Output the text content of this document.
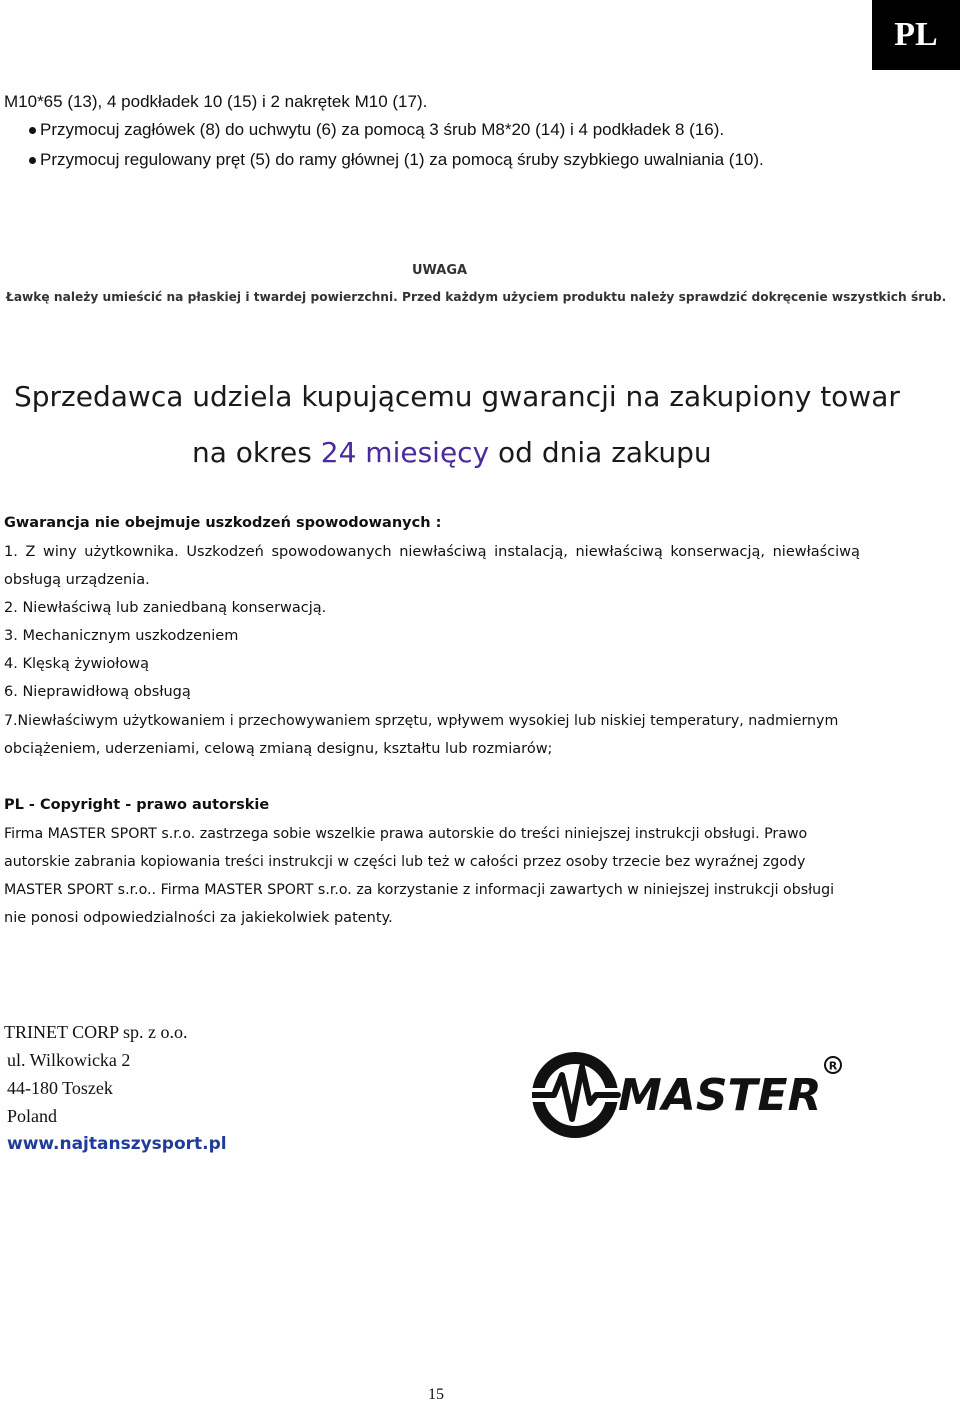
PL
M10*65 (13), 4 podkładek 10 (15) i 2 nakrętek M10 (17).
Przymocuj zagłówek (8) do uchwytu (6) za pomocą 3 śrub M8*20 (14) i 4 podkładek 8 (16).
Przymocuj regulowany pręt (5) do ramy głównej (1) za pomocą śruby szybkiego uwalniania (10).
UWAGA
Ławkę należy umieścić na płaskiej i twardej powierzchni. Przed każdym użyciem produktu należy sprawdzić dokręcenie wszystkich śrub.
Sprzedawca udziela kupującemu gwarancji na zakupiony towar
na okres 24 miesięcy od dnia zakupu
Gwarancja nie obejmuje uszkodzeń spowodowanych :
1. Z winy użytkownika. Uszkodzeń spowodowanych niewłaściwą instalacją, niewłaściwą konserwacją, niewłaściwą
obsługą urządzenia.
2. Niewłaściwą lub zaniedbaną konserwacją.
3. Mechanicznym uszkodzeniem
4. Klęską żywiołową
6. Nieprawidłową obsługą
7.Niewłaściwym użytkowaniem i przechowywaniem sprzętu, wpływem wysokiej lub niskiej temperatury, nadmiernym
obciążeniem, uderzeniami, celową zmianą designu, kształtu lub rozmiarów;
PL - Copyright - prawo autorskie
Firma MASTER SPORT s.r.o. zastrzega sobie wszelkie prawa autorskie do treści niniejszej instrukcji obsługi. Prawo
autorskie zabrania kopiowania treści instrukcji w części lub też w całości przez osoby trzecie bez wyraźnej zgody
MASTER SPORT s.r.o.. Firma MASTER SPORT s.r.o. za korzystanie z informacji zawartych w niniejszej instrukcji obsługi
nie ponosi odpowiedzialności za jakiekolwiek patenty.
TRINET CORP sp. z o.o.
ul. Wilkowicka 2
44-180 Toszek
Poland
www.najtanszysport.pl
MASTER
R
15
